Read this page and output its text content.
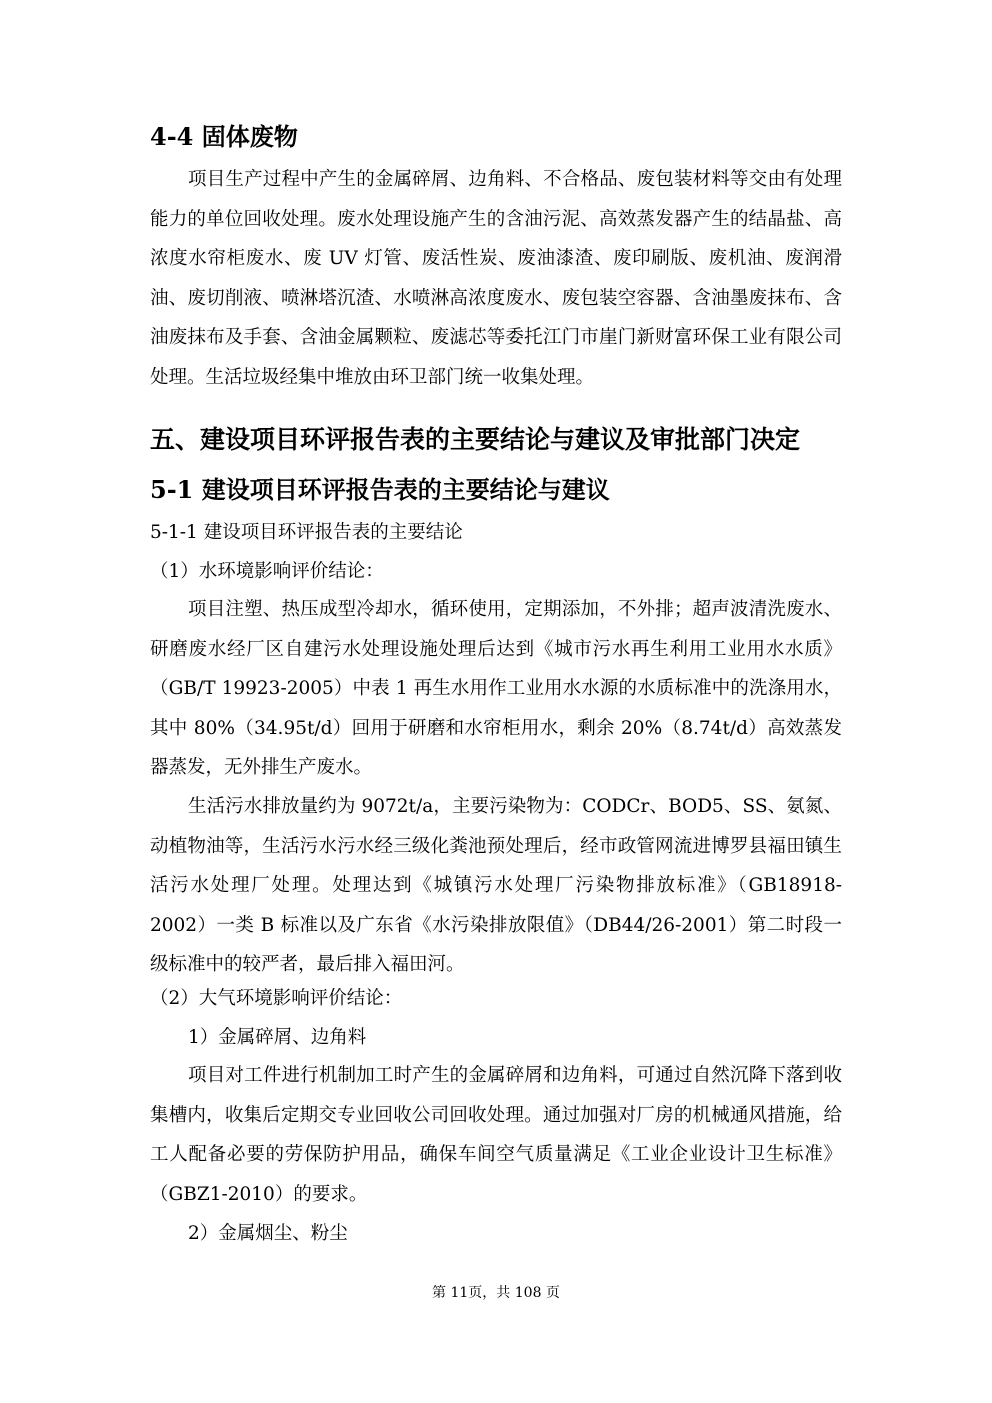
4-4 固体废物

项目生产过程中产生的金属碎屑、边角料、不合格品、废包装材料等交由有处理能力的单位回收处理。废水处理设施产生的含油污泥、高效蒸发器产生的结晶盐、高浓度水帘柜废水、废 UV 灯管、废活性炭、废油漆渣、废印刷版、废机油、废润滑油、废切削液、喷淋塔沉渣、水喷淋高浓度废水、废包装空容器、含油墨废抹布、含油废抹布及手套、含油金属颗粒、废滤芯等委托江门市崖门新财富环保工业有限公司处理。生活垃圾经集中堆放由环卫部门统一收集处理。

五、建设项目环评报告表的主要结论与建议及审批部门决定
5-1 建设项目环评报告表的主要结论与建议

5-1-1 建设项目环评报告表的主要结论

（1）水环境影响评价结论：

项目注塑、热压成型冷却水，循环使用，定期添加，不外排；超声波清洗废水、研磨废水经厂区自建污水处理设施处理后达到《城市污水再生利用工业用水水质》（GB/T 19923-2005）中表 1 再生水用作工业用水水源的水质标准中的洗涤用水，其中 80%（34.95t/d）回用于研磨和水帘柜用水，剩余 20%（8.74t/d）高效蒸发器蒸发，无外排生产废水。

生活污水排放量约为 9072t/a，主要污染物为：CODCr、BOD5、SS、氨氮、动植物油等，生活污水污水经三级化粪池预处理后，经市政管网流进博罗县福田镇生活污水处理厂处理。处理达到《城镇污水处理厂污染物排放标准》（GB18918-2002）一类 B 标准以及广东省《水污染排放限值》（DB44/26-2001）第二时段一级标准中的较严者，最后排入福田河。

（2）大气环境影响评价结论：

1）金属碎屑、边角料

项目对工件进行机制加工时产生的金属碎屑和边角料，可通过自然沉降下落到收集槽内，收集后定期交专业回收公司回收处理。通过加强对厂房的机械通风措施，给工人配备必要的劳保防护用品，确保车间空气质量满足《工业企业设计卫生标准》（GBZ1-2010）的要求。

2）金属烟尘、粉尘

第 11页，共 108 页
